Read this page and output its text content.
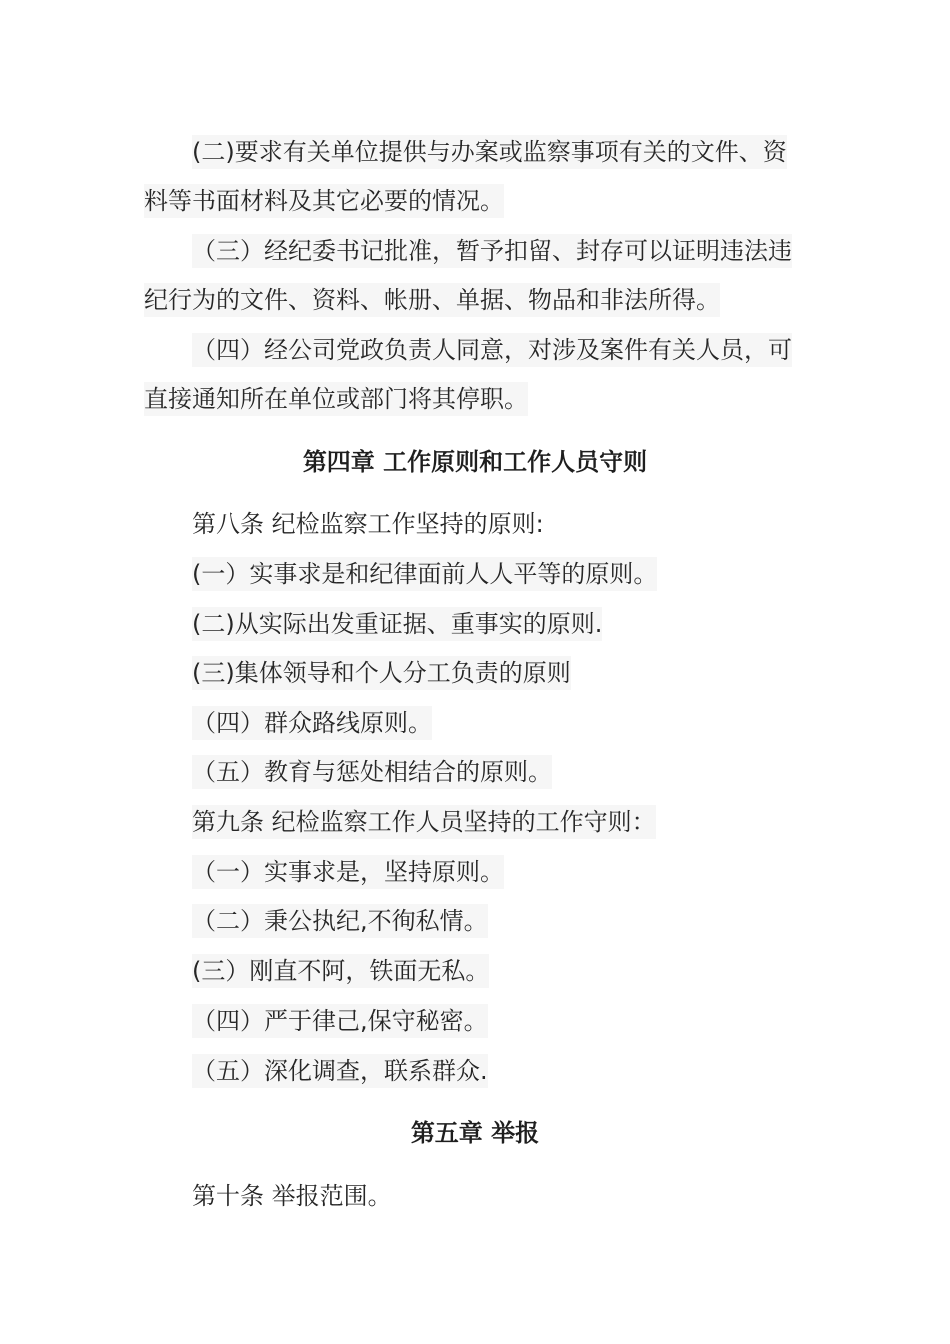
(二)要求有关单位提供与办案或监察事项有关的文件、资
料等书面材料及其它必要的情况。
（三）经纪委书记批准，暂予扣留、封存可以证明违法违
纪行为的文件、资料、帐册、单据、物品和非法所得。
（四）经公司党政负责人同意，对涉及案件有关人员，可
直接通知所在单位或部门将其停职。
第四章 工作原则和工作人员守则
第八条 纪检监察工作坚持的原则:
(一）实事求是和纪律面前人人平等的原则。
(二)从实际出发重证据、重事实的原则.
(三)集体领导和个人分工负责的原则
（四）群众路线原则。
（五）教育与惩处相结合的原则。
第九条 纪检监察工作人员坚持的工作守则：
（一）实事求是，坚持原则。
（二）秉公执纪,不徇私情。
(三）刚直不阿，铁面无私。
（四）严于律己,保守秘密。
（五）深化调查，联系群众.
第五章 举报
第十条 举报范围。
